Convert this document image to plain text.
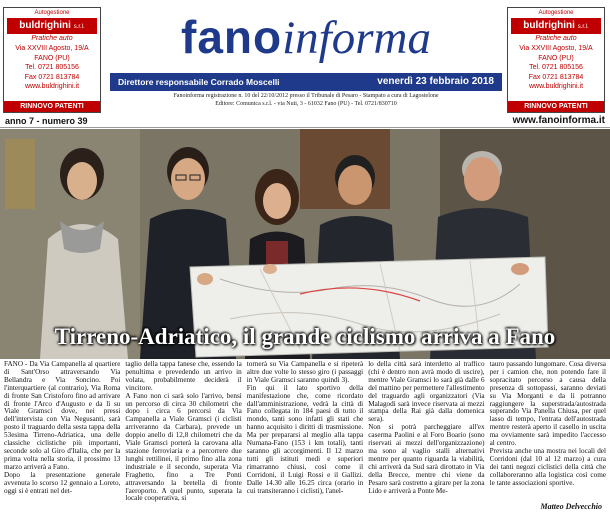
Autogestione
buldrighini s.r.l.
Pratiche auto
Via XXVIII Agosto, 19/A
FANO (PU)
Tel. 0721 805156
Fax 0721 813784
www.buldrighini.it
RINNOVO PATENTI
fanoinforma
Direttore responsabile Corrado Moscelli	venerdì 23 febbraio 2018
Fanoinforma registrazione n. 10 del 22/10/2012 presso il Tribunale di Pesaro - Stampato a cura di Lagostelone
Editore: Comunica s.r.l. - via Nuti, 3 - 61032 Fano (PU) - Tel. 0721/830710
Autogestione
buldrighini s.r.l.
Pratiche auto
Via XXVIII Agosto, 19/A
FANO (PU)
Tel. 0721 805156
Fax 0721 813784
www.buldrighini.it
RINNOVO PATENTI
anno 7 - numero 39	www.fanoinforma.it
Tirreno-Adriatico, il grande ciclismo arriva a Fano
FANO - Da Via Campanella al quartiere di Sant'Orso attraversando Via Bellandra e Via Soncino. Poi l'interquartiere (al contrario), Via Roma di fronte San Cristoforo fino ad arrivare di fronte l'Arco d'Augusto e da lì su Viale Gramsci dove, nei pressi dell'intervista con Via Negusanti, sarà posto il traguardo della sesta tappa della 53esima Tirreno-Adriatica, una delle classiche ciclistiche più importanti, seconde solo al Giro d'Italia, che per la prima volta nella storia, il prossimo 13 marzo arriverà a Fano.
Dopo la presentazione generale avvenuta lo scorso 12 gennaio a Loreto, oggi si è entrati nel det-
taglio della tappa fanese che, essendo la penultima e prevedendo un arrivo in volata, probabilmente deciderà il vincitore.
A Fano non ci sarà solo l'arrivo, bensì un percorso di circa 30 chilometri che dopo i circa 6 percorsi da Via Campanella a Viale Gramsci (i ciclisti arriveranno da Carbara), prevede un doppio anello di 12,8 chilometri che da Viale Gramsci porterà la carovana alla stazione ferroviaria e a percorrere due lunghi rettilinei, il primo fino alla zona industriale e il secondo, superata Via Fraghetto, fino a Tre Ponti attraversando la bretella di fronte l'aeroporto. A quel punto, superata la locale cooperativa, si
tornerà su Via Campanella e si ripeterà altre due volte lo stesso giro (i passaggi in Viale Gramsci saranno quindi 3).
Fin qui il lato sportivo della manifestazione che, come ricordato dall'amministrazione, vedrà la città di Fano collegata in 184 paesi di tutto il mondo, tanti sono infatti gli stati che hanno acquisito i diritti di trasmissione. Ma per prepararsi al meglio alla tappa Numana-Fano (153 i km totali), tanti saranno gli accorgimenti. Il 12 marzo tutti gli istituti medi e superiori rimarranno chiusi, così come il Corridoni, il Luigi Rossi e il Gallizi. Dalle 14.30 alle 16.25 circa (orario in cui transiteranno i ciclisti), l'anel-
lo della città sarà interdetto al traffico (chi è dentro non avrà modo di uscire), mentre Viale Gramsci lo sarà già dalle 6 del mattino per permettere l'allestimento del traguardo agli organizzatori (Via Malagodi sarà invece riservata ai mezzi stampa della Rai già dalla domenica sera).
Non si potrà parcheggiare all'ex caserma Paolini e al Foro Boario (sono riservati ai mezzi dell'organizzazione) ma sono al vaglio stalli alternativi mentre per quanto riguarda la viabilità, chi arriverà da Sud sarà dirottato in Via della Brecce, mentre chi viene da Pesaro sarà costretto a girare per la zona Lido e arriverà a Ponte Me-
tauro passando lungomare. Cosa diversa per i camion che, non potendo fare il sopracitato percorso a causa della presenza di sottopassi, saranno deviati su Via Morganti e da lì potranno raggiungere la superstrada/autostrada superando Via Panella Chiusa, per quel lasso di tempo, l'entrata dell'autostrada mentre resterà aperto il casello in uscita ma ovviamente sarà impedito l'accesso al centro.
Prevista anche una mostra nei locali del Corridoni (dal 10 al 12 marzo) a cura dei tanti negozi ciclistici della città che collaboreranno alla logistica così come le tante associazioni sportive.
Matteo Delvecchio
